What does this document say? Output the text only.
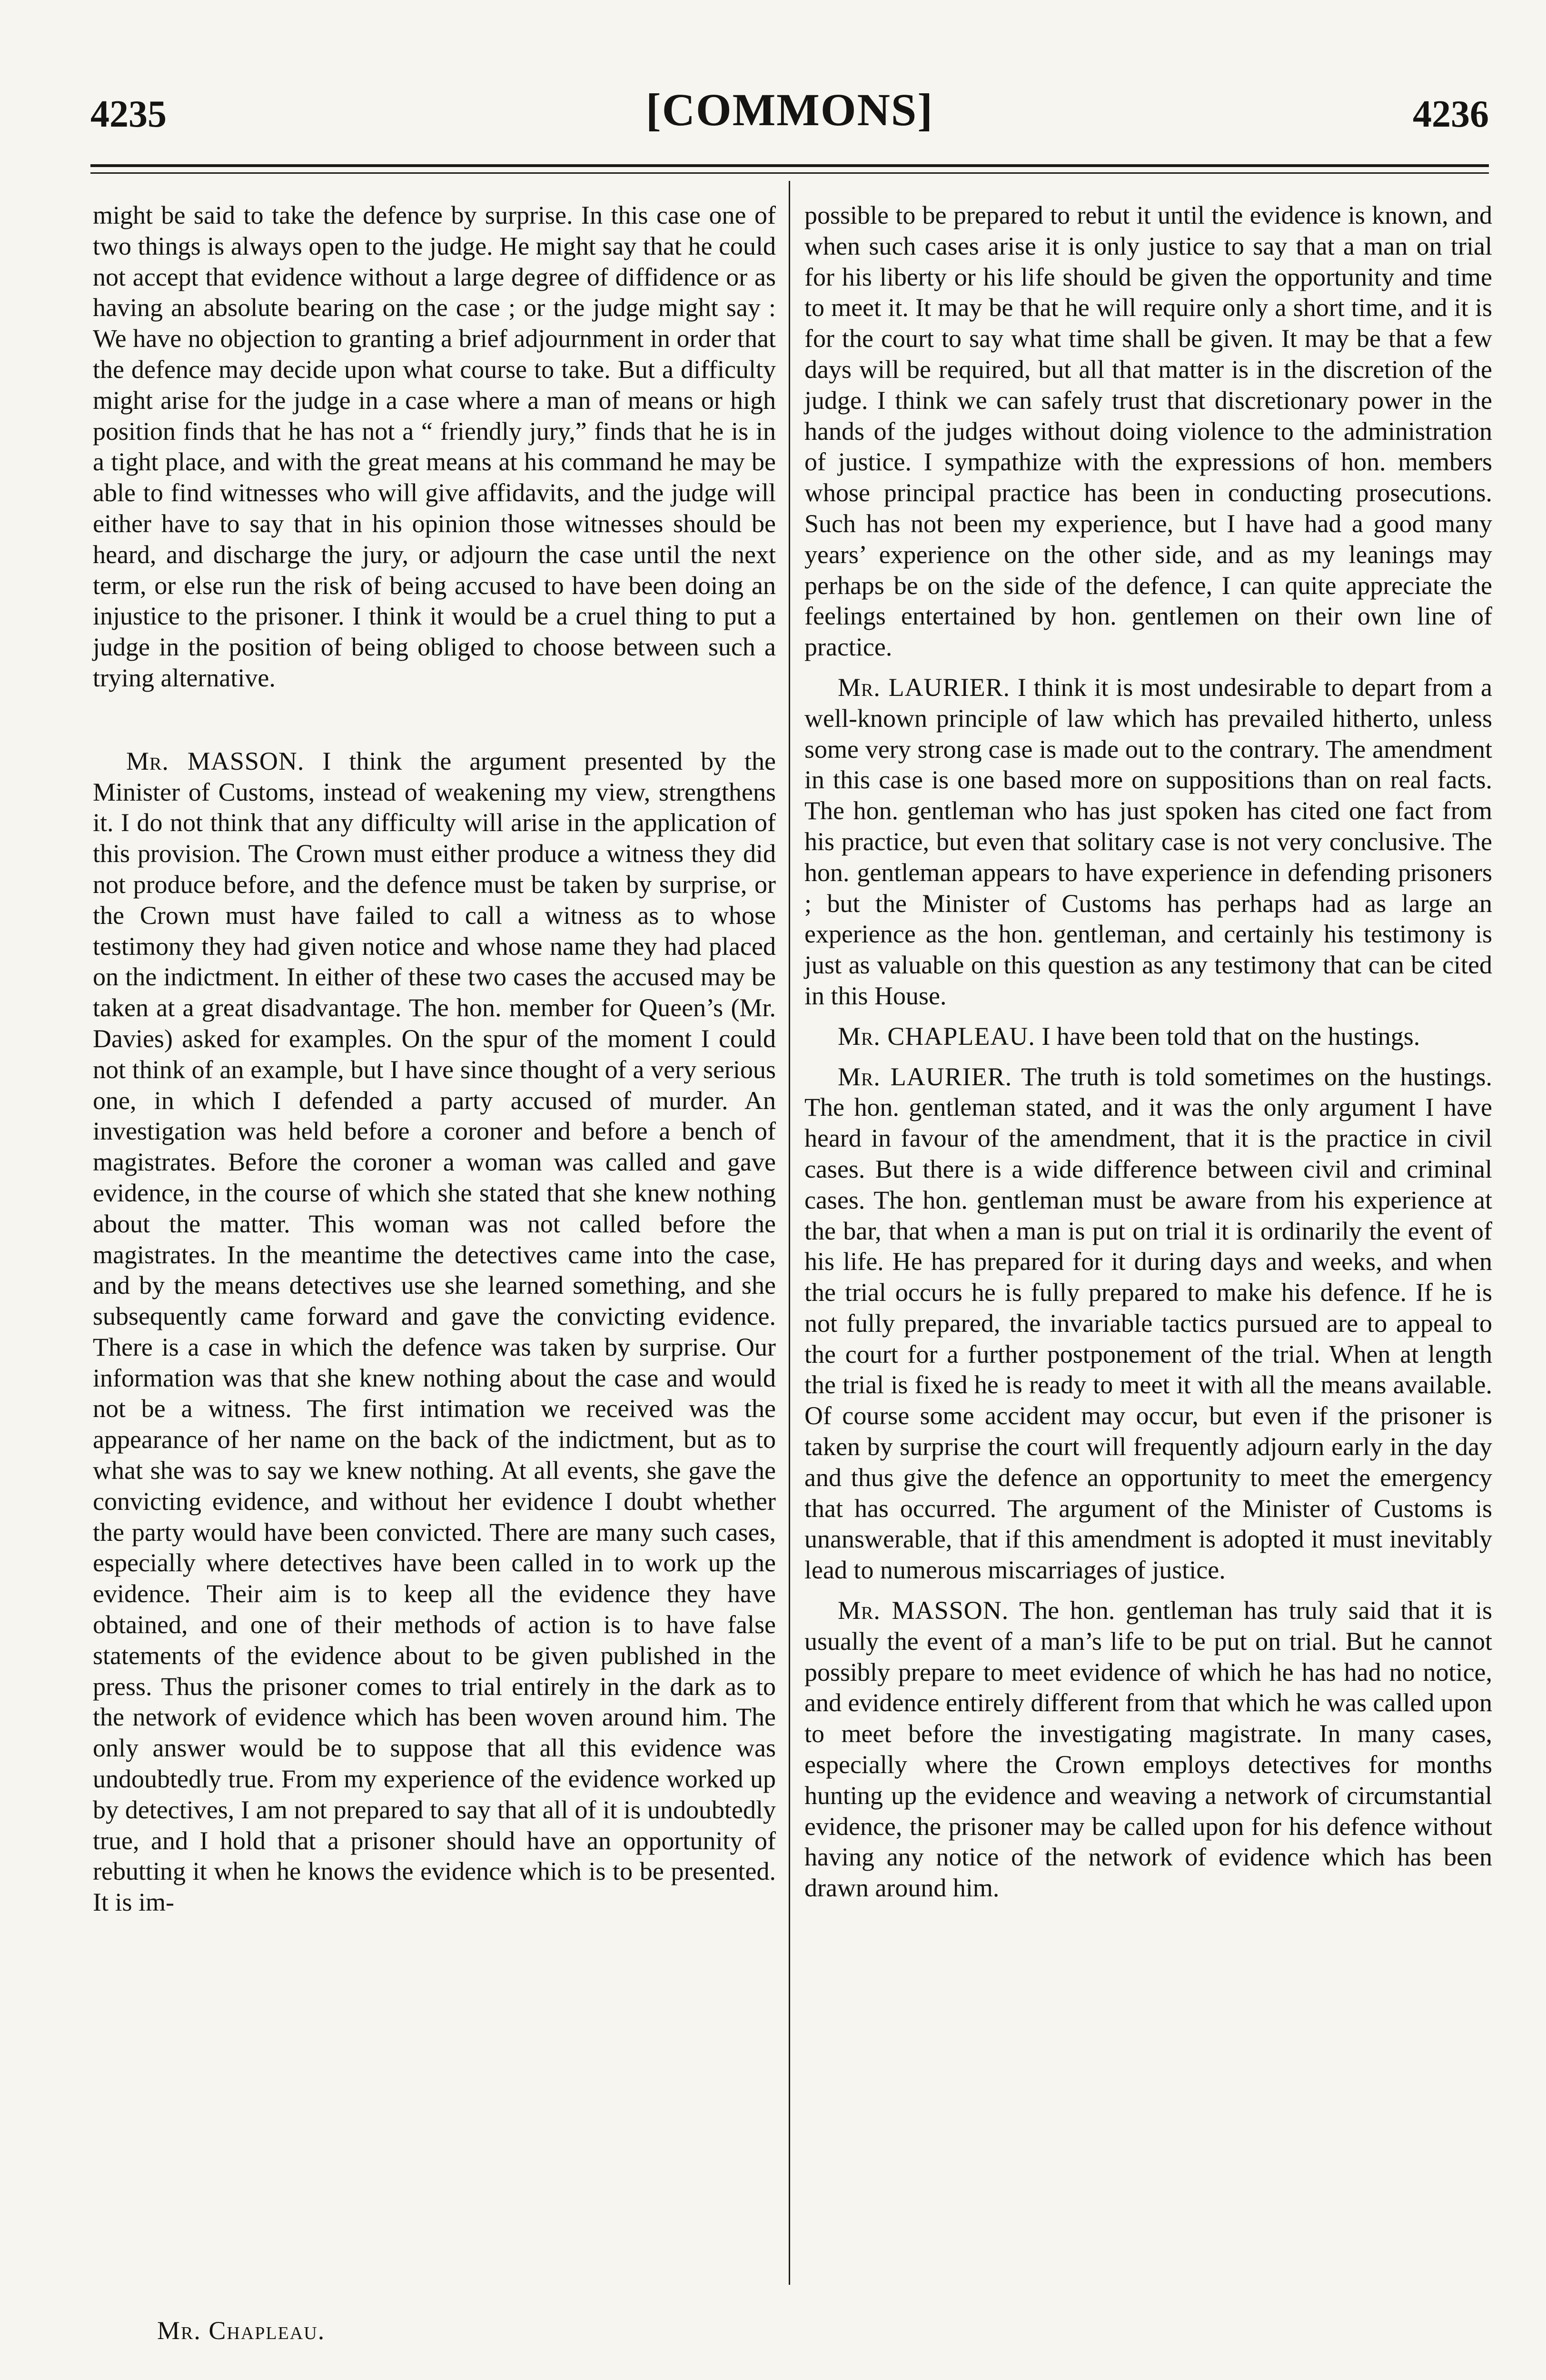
4235	[COMMONS]	4236

might be said to take the defence by surprise. In this case one of two things is always open to the judge. He might say that he could not accept that evidence without a large degree of diffidence or as having an absolute bearing on the case ; or the judge might say : We have no objection to granting a brief adjournment in order that the defence may decide upon what course to take. But a difficulty might arise for the judge in a case where a man of means or high position finds that he has not a “ friendly jury,” finds that he is in a tight place, and with the great means at his command he may be able to find witnesses who will give affidavits, and the judge will either have to say that in his opinion those witnesses should be heard, and discharge the jury, or adjourn the case until the next term, or else run the risk of being accused to have been doing an injustice to the prisoner. I think it would be a cruel thing to put a judge in the position of being obliged to choose between such a trying alternative.

Mr. MASSON. I think the argument presented by the Minister of Customs, instead of weakening my view, strengthens it. I do not think that any difficulty will arise in the application of this provision. The Crown must either produce a witness they did not produce before, and the defence must be taken by surprise, or the Crown must have failed to call a witness as to whose testimony they had given notice and whose name they had placed on the indictment. In either of these two cases the accused may be taken at a great disadvantage. The hon. member for Queen’s (Mr. Davies) asked for examples. On the spur of the moment I could not think of an example, but I have since thought of a very serious one, in which I defended a party accused of murder. An investigation was held before a coroner and before a bench of magistrates. Before the coroner a woman was called and gave evidence, in the course of which she stated that she knew nothing about the matter. This woman was not called before the magistrates. In the meantime the detectives came into the case, and by the means detectives use she learned something, and she subsequently came forward and gave the convicting evidence. There is a case in which the defence was taken by surprise. Our information was that she knew nothing about the case and would not be a witness. The first intimation we received was the appearance of her name on the back of the indictment, but as to what she was to say we knew nothing. At all events, she gave the convicting evidence, and without her evidence I doubt whether the party would have been convicted. There are many such cases, especially where detectives have been called in to work up the evidence. Their aim is to keep all the evidence they have obtained, and one of their methods of action is to have false statements of the evidence about to be given published in the press. Thus the prisoner comes to trial entirely in the dark as to the network of evidence which has been woven around him. The only answer would be to suppose that all this evidence was undoubtedly true. From my experience of the evidence worked up by detectives, I am not prepared to say that all of it is undoubtedly true, and I hold that a prisoner should have an opportunity of rebutting it when he knows the evidence which is to be presented. It is im-

possible to be prepared to rebut it until the evidence is known, and when such cases arise it is only justice to say that a man on trial for his liberty or his life should be given the opportunity and time to meet it. It may be that he will require only a short time, and it is for the court to say what time shall be given. It may be that a few days will be required, but all that matter is in the discretion of the judge. I think we can safely trust that discretionary power in the hands of the judges without doing violence to the administration of justice. I sympathize with the expressions of hon. members whose principal practice has been in conducting prosecutions. Such has not been my experience, but I have had a good many years’ experience on the other side, and as my leanings may perhaps be on the side of the defence, I can quite appreciate the feelings entertained by hon. gentlemen on their own line of practice.

Mr. LAURIER. I think it is most undesirable to depart from a well-known principle of law which has prevailed hitherto, unless some very strong case is made out to the contrary. The amendment in this case is one based more on suppositions than on real facts. The hon. gentleman who has just spoken has cited one fact from his practice, but even that solitary case is not very conclusive. The hon. gentleman appears to have experience in defending prisoners ; but the Minister of Customs has perhaps had as large an experience as the hon. gentleman, and certainly his testimony is just as valuable on this question as any testimony that can be cited in this House.

Mr. CHAPLEAU. I have been told that on the hustings.

Mr. LAURIER. The truth is told sometimes on the hustings. The hon. gentleman stated, and it was the only argument I have heard in favour of the amendment, that it is the practice in civil cases. But there is a wide difference between civil and criminal cases. The hon. gentleman must be aware from his experience at the bar, that when a man is put on trial it is ordinarily the event of his life. He has prepared for it during days and weeks, and when the trial occurs he is fully prepared to make his defence. If he is not fully prepared, the invariable tactics pursued are to appeal to the court for a further postponement of the trial. When at length the trial is fixed he is ready to meet it with all the means available. Of course some accident may occur, but even if the prisoner is taken by surprise the court will frequently adjourn early in the day and thus give the defence an opportunity to meet the emergency that has occurred. The argument of the Minister of Customs is unanswerable, that if this amendment is adopted it must inevitably lead to numerous miscarriages of justice.

Mr. MASSON. The hon. gentleman has truly said that it is usually the event of a man’s life to be put on trial. But he cannot possibly prepare to meet evidence of which he has had no notice, and evidence entirely different from that which he was called upon to meet before the investigating magistrate. In many cases, especially where the Crown employs detectives for months hunting up the evidence and weaving a network of circumstantial evidence, the prisoner may be called upon for his defence without having any notice of the network of evidence which has been drawn around him.

Mr. Chapleau.
